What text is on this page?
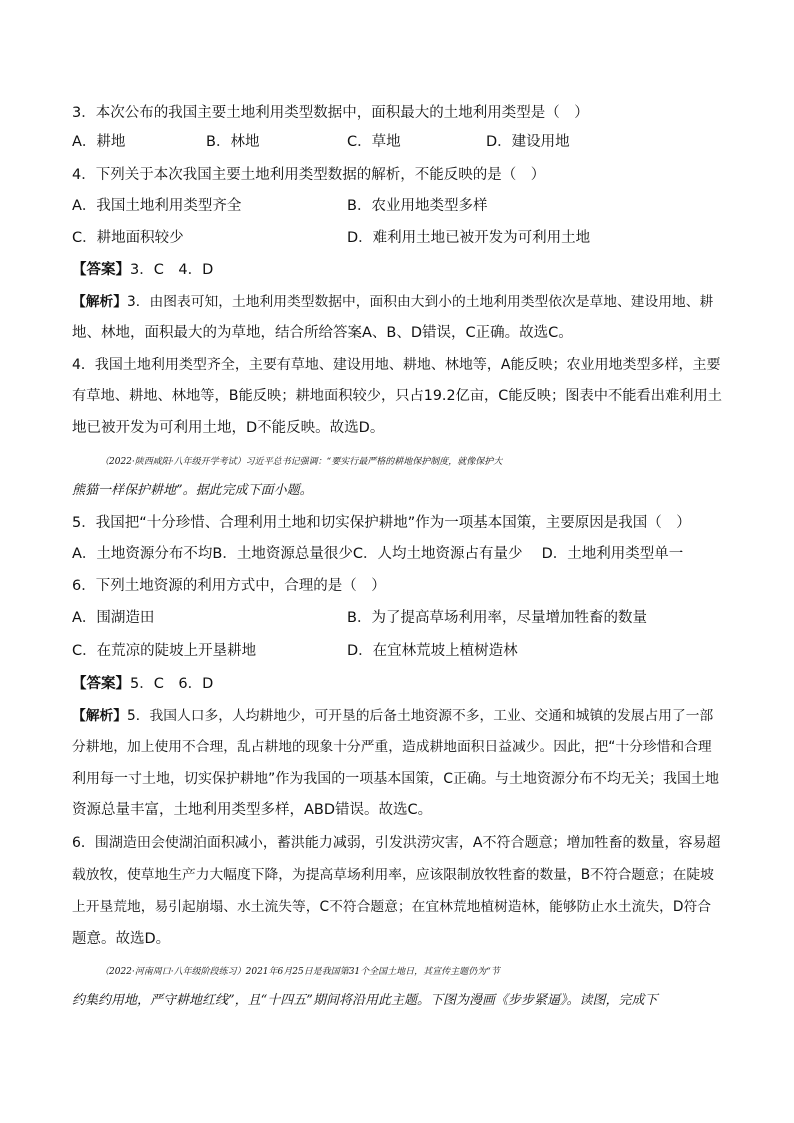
3．本次公布的我国主要土地利用类型数据中，面积最大的土地利用类型是（　）
A．耕地	B．林地	C．草地	D．建设用地
4．下列关于本次我国主要土地利用类型数据的解析，不能反映的是（　）
A．我国土地利用类型齐全	B．农业用地类型多样
C．耕地面积较少	D．难利用土地已被开发为可利用土地
【答案】3．C　4．D
【解析】3．由图表可知，土地利用类型数据中，面积由大到小的土地利用类型依次是草地、建设用地、耕
地、林地，面积最大的为草地，结合所给答案A、B、D错误，C正确。故选C。
4．我国土地利用类型齐全，主要有草地、建设用地、耕地、林地等，A能反映；农业用地类型多样，主要
有草地、耕地、林地等，B能反映；耕地面积较少，只占19.2亿亩，C能反映；图表中不能看出难利用土
地已被开发为可利用土地，D不能反映。故选D。
（2022·陕西咸阳·八年级开学考试）习近平总书记强调：“要实行最严格的耕地保护制度，就像保护大
熊猫一样保护耕地”。据此完成下面小题。
5．我国把“十分珍惜、合理利用土地和切实保护耕地”作为一项基本国策，主要原因是我国（　）
A．土地资源分布不均B．土地资源总量很少C．人均土地资源占有量少　 D．土地利用类型单一
6．下列土地资源的利用方式中，合理的是（　）
A．围湖造田	B．为了提高草场利用率，尽量增加牲畜的数量
C．在荒凉的陡坡上开垦耕地	D．在宜林荒坡上植树造林
【答案】5．C　6．D
【解析】5．我国人口多，人均耕地少，可开垦的后备土地资源不多，工业、交通和城镇的发展占用了一部
分耕地，加上使用不合理，乱占耕地的现象十分严重，造成耕地面积日益减少。因此，把“十分珍惜和合理
利用每一寸土地，切实保护耕地”作为我国的一项基本国策，C正确。与土地资源分布不均无关；我国土地
资源总量丰富，土地利用类型多样，ABD错误。故选C。
6．围湖造田会使湖泊面积减小，蓄洪能力减弱，引发洪涝灾害，A不符合题意；增加牲畜的数量，容易超
载放牧，使草地生产力大幅度下降，为提高草场利用率，应该限制放牧牲畜的数量，B不符合题意；在陡坡
上开垦荒地，易引起崩塌、水土流失等，C不符合题意；在宜林荒地植树造林，能够防止水土流失，D符合
题意。故选D。
（2022·河南周口·八年级阶段练习）2021年6月25日是我国第31个全国土地日，其宣传主题仍为“节
约集约用地，严守耕地红线”，且“十四五”期间将沿用此主题。下图为漫画《步步紧逼》。读图，完成下
